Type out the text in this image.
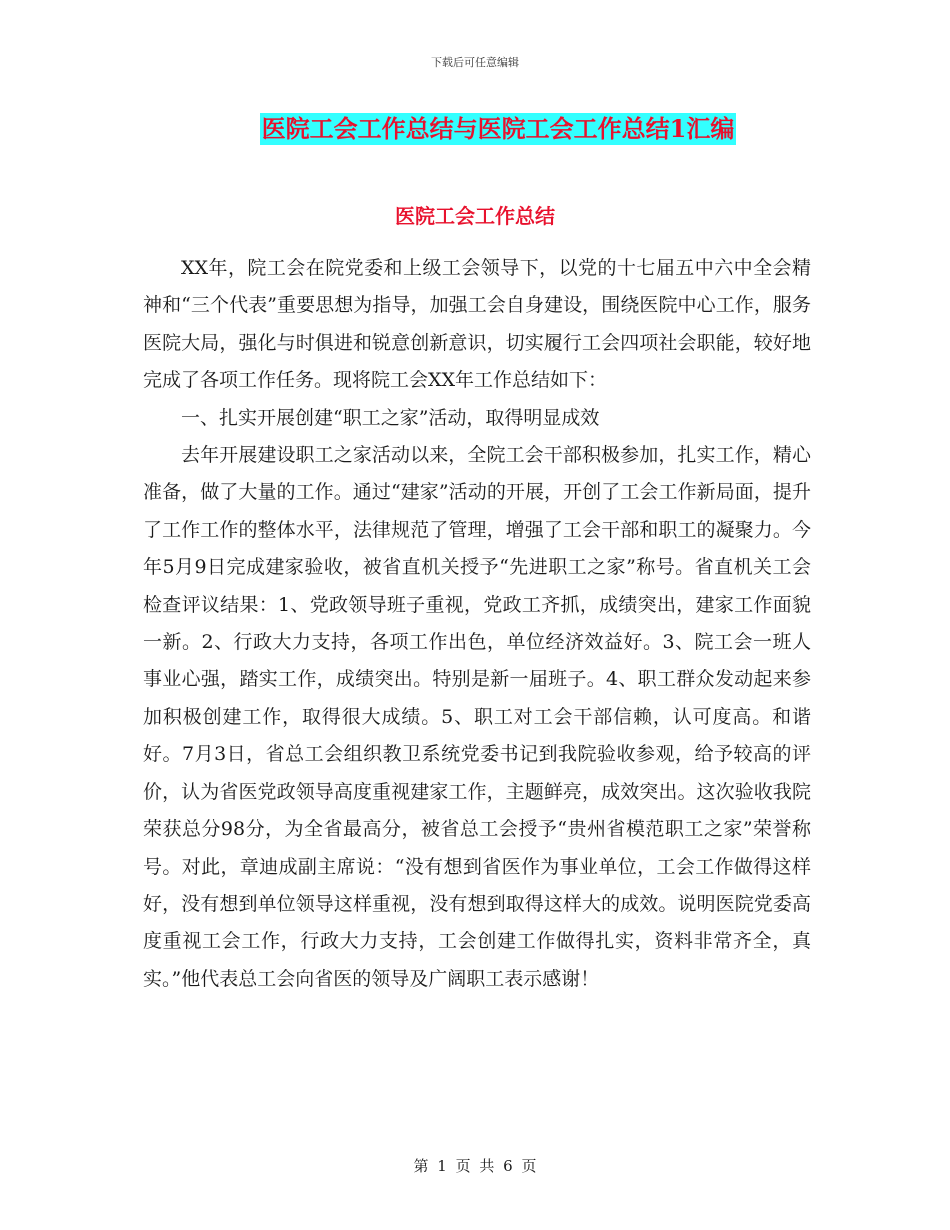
下载后可任意编辑
医院工会工作总结与医院工会工作总结1汇编
医院工会工作总结

XX年，院工会在院党委和上级工会领导下，以党的十七届五中六中全会精神和“三个代表”重要思想为指导，加强工会自身建设，围绕医院中心工作，服务医院大局，强化与时俱进和锐意创新意识，切实履行工会四项社会职能，较好地完成了各项工作任务。现将院工会XX年工作总结如下：

一、扎实开展创建“职工之家”活动，取得明显成效

去年开展建设职工之家活动以来，全院工会干部积极参加，扎实工作，精心准备，做了大量的工作。通过“建家”活动的开展，开创了工会工作新局面，提升了工作工作的整体水平，法律规范了管理，增强了工会干部和职工的凝聚力。今年5月9日完成建家验收，被省直机关授予“先进职工之家”称号。省直机关工会检查评议结果：1、党政领导班子重视，党政工齐抓，成绩突出，建家工作面貌一新。2、行政大力支持，各项工作出色，单位经济效益好。3、院工会一班人事业心强，踏实工作，成绩突出。特别是新一届班子。4、职工群众发动起来参加积极创建工作，取得很大成绩。5、职工对工会干部信赖，认可度高。和谐好。7月3日，省总工会组织教卫系统党委书记到我院验收参观，给予较高的评价，认为省医党政领导高度重视建家工作，主题鲜亮，成效突出。这次验收我院荣获总分98分，为全省最高分，被省总工会授予“贵州省模范职工之家”荣誉称号。对此，章迪成副主席说：“没有想到省医作为事业单位，工会工作做得这样好，没有想到单位领导这样重视，没有想到取得这样大的成效。说明医院党委高度重视工会工作，行政大力支持，工会创建工作做得扎实，资料非常齐全，真实。”他代表总工会向省医的领导及广阔职工表示感谢！

第 1 页 共 6 页
